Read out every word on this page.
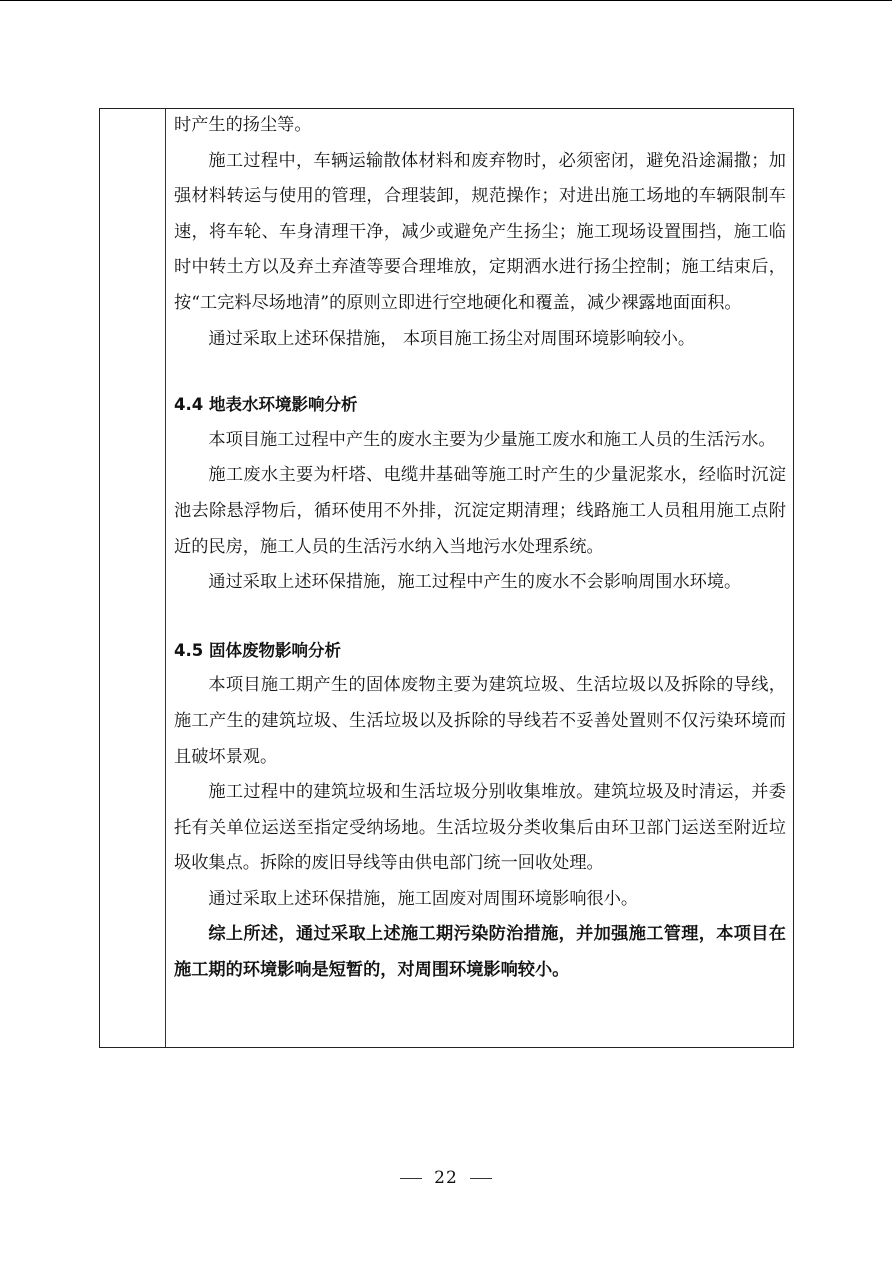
时产生的扬尘等。

施工过程中，车辆运输散体材料和废弃物时，必须密闭，避免沿途漏撒；加强材料转运与使用的管理，合理装卸，规范操作；对进出施工场地的车辆限制车速，将车轮、车身清理干净，减少或避免产生扬尘；施工现场设置围挡，施工临时中转土方以及弃土弃渣等要合理堆放，定期洒水进行扬尘控制；施工结束后，按“工完料尽场地清”的原则立即进行空地硬化和覆盖，减少裸露地面面积。

通过采取上述环保措施， 本项目施工扬尘对周围环境影响较小。

4.4 地表水环境影响分析

本项目施工过程中产生的废水主要为少量施工废水和施工人员的生活污水。

施工废水主要为杆塔、电缆井基础等施工时产生的少量泥浆水，经临时沉淀池去除悬浮物后，循环使用不外排，沉淀定期清理；线路施工人员租用施工点附近的民房，施工人员的生活污水纳入当地污水处理系统。

通过采取上述环保措施，施工过程中产生的废水不会影响周围水环境。

4.5 固体废物影响分析

本项目施工期产生的固体废物主要为建筑垃圾、生活垃圾以及拆除的导线，施工产生的建筑垃圾、生活垃圾以及拆除的导线若不妥善处置则不仅污染环境而且破坏景观。

施工过程中的建筑垃圾和生活垃圾分别收集堆放。建筑垃圾及时清运，并委托有关单位运送至指定受纳场地。生活垃圾分类收集后由环卫部门运送至附近垃圾收集点。拆除的废旧导线等由供电部门统一回收处理。

通过采取上述环保措施，施工固废对周围环境影响很小。

综上所述，通过采取上述施工期污染防治措施，并加强施工管理，本项目在施工期的环境影响是短暂的，对周围环境影响较小。

22
